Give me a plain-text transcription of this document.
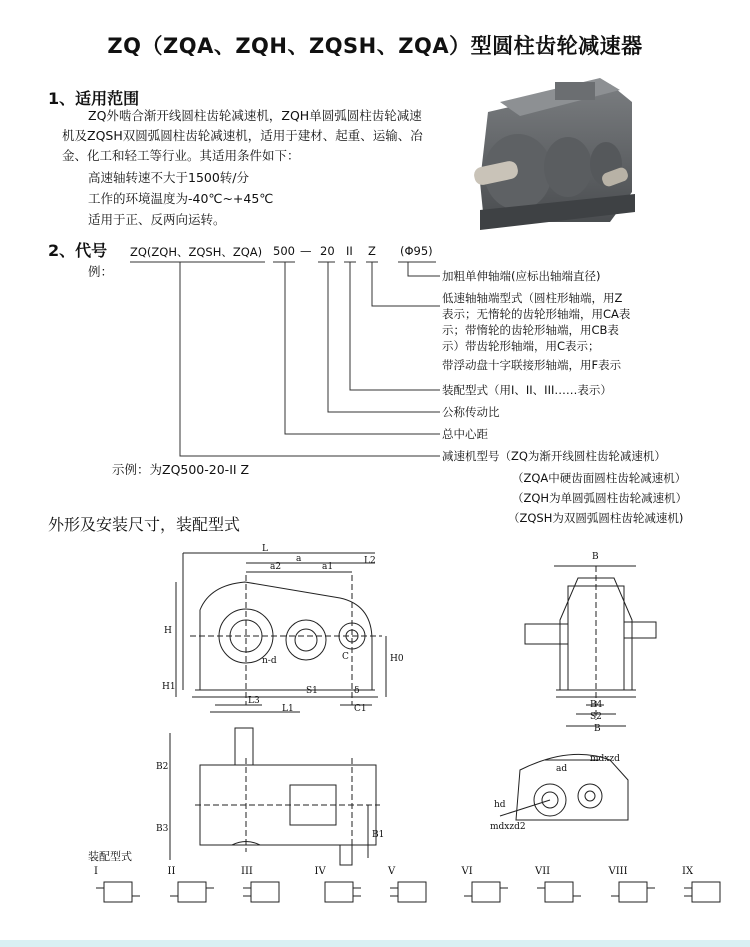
ZQ（ZQA、ZQH、ZQSH、ZQA）型圆柱齿轮减速器
1、适用范围
ZQ外啮合渐开线圆柱齿轮减速机，ZQH单圆弧圆柱齿轮减速
机及ZQSH双圆弧圆柱齿轮减速机，适用于建材、起重、运输、冶
金、化工和轻工等行业。其适用条件如下：
高速轴转速不大于1500转/分
工作的环境温度为-40℃~+45℃
适用于正、反两向运转。
2、代号 ZQ(ZQH、ZQSH、ZQA) 500 — 20 II Z (Φ95)
例：	加粗单伸轴端(应标出轴端直径)
低速轴轴端型式（圆柱形轴端，用Z
表示；无惰轮的齿轮形轴端，用CA表
示；带惰轮的齿轮形轴端，用CB表
示）带齿轮形轴端，用C表示；
带浮动盘十字联接形轴端，用F表示
装配型式（用I、II、III……表示）
公称传动比
总中心距
减速机型号（ZQ为渐开线圆柱齿轮减速机）
（ZQA中硬齿面圆柱齿轮减速机）
（ZQH为单圆弧圆柱齿轮减速机）
（ZQSH为双圆弧圆柱齿轮减速机)
示例：为ZQ500-20-II Z
外形及安装尺寸，装配型式
L
a
a2	a1
L2
H
H0
H1
n-d	C
S1	δ
L3
L1	C1
B
B4
S2
B
B2
B3
B1
ad
mdxzd
hd
mdxzd2
装配型式
I	II	III	IV	V	VI	VII	VIII	IX
